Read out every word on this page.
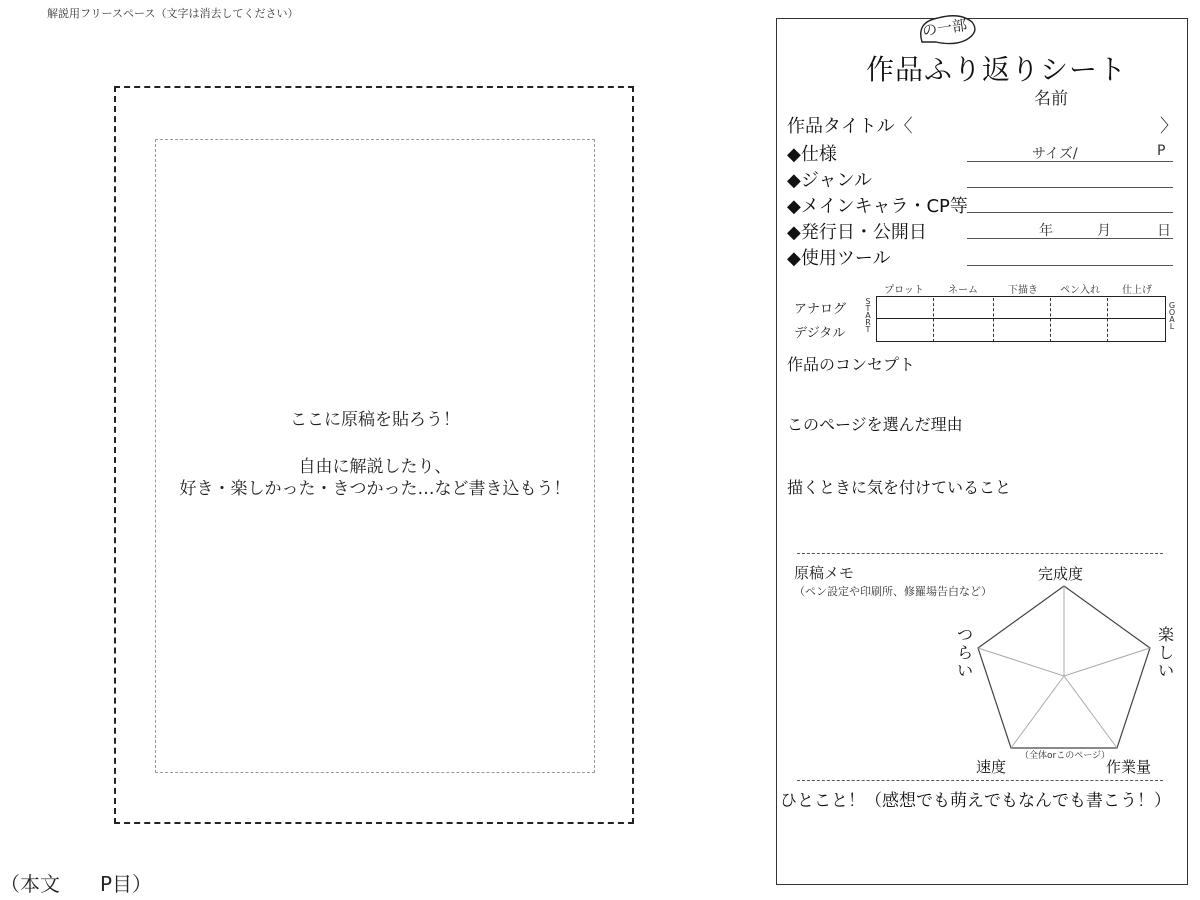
解説用フリースペース（文字は消去してください）
ここに原稿を貼ろう！
自由に解説したり、
好き・楽しかった・きつかった…など書き込もう！
（本文 P目）
の一部
作品ふり返りシート
名前
作品タイトル〈	〉
◆仕様	サイズ/	P
◆ジャンル
◆メインキャラ・CP等
◆発行日・公開日	年	月	日
◆使用ツール
プロット	ネーム	下描き	ペン入れ	仕上げ
アナログ
デジタル
S
T
A
R
T
G
O
A
L
作品のコンセプト
このページを選んだ理由
描くときに気を付けていること
原稿メモ
（ペン設定や印刷所、修羅場告白など）
完成度
楽
し
い
つ
ら
い
作業量
速度
（全体orこのページ）
ひとこと！（感想でも萌えでもなんでも書こう！）
